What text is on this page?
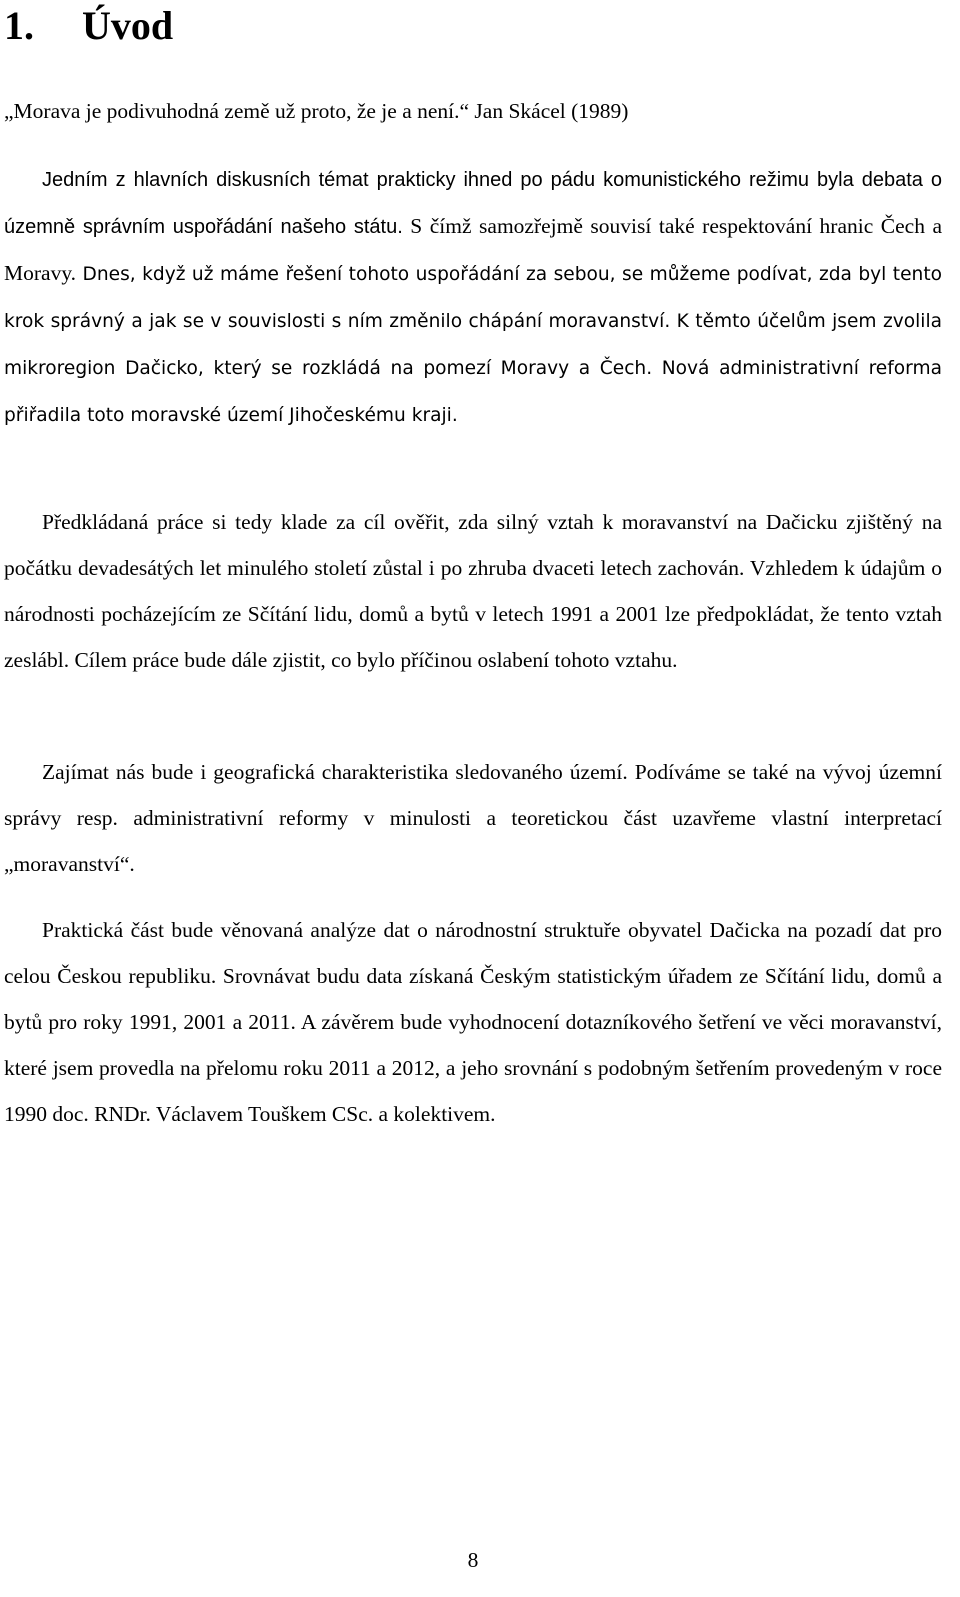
1. Úvod

„Morava je podivuhodná země už proto, že je a není.“ Jan Skácel (1989)

Jedním z hlavních diskusních témat prakticky ihned po pádu komunistického režimu byla debata o územně správním uspořádání našeho státu. S čímž samozřejmě souvisí také respektování hranic Čech a Moravy. Dnes, když už máme řešení tohoto uspořádání za sebou, se můžeme podívat, zda byl tento krok správný a jak se v souvislosti s ním změnilo chápání moravanství. K těmto účelům jsem zvolila mikroregion Dačicko, který se rozkládá na pomezí Moravy a Čech. Nová administrativní reforma přiřadila toto moravské území Jihočeskému kraji.

Předkládaná práce si tedy klade za cíl ověřit, zda silný vztah k moravanství na Dačicku zjištěný na počátku devadesátých let minulého století zůstal i po zhruba dvaceti letech zachován. Vzhledem k údajům o národnosti pocházejícím ze Sčítání lidu, domů a bytů v letech 1991 a 2001 lze předpokládat, že tento vztah zeslábl. Cílem práce bude dále zjistit, co bylo příčinou oslabení tohoto vztahu.

Zajímat nás bude i geografická charakteristika sledovaného území. Podíváme se také na vývoj územní správy resp. administrativní reformy v minulosti a teoretickou část uzavřeme vlastní interpretací „moravanství“.

Praktická část bude věnovaná analýze dat o národnostní struktuře obyvatel Dačicka na pozadí dat pro celou Českou republiku. Srovnávat budu data získaná Českým statistickým úřadem ze Sčítání lidu, domů a bytů pro roky 1991, 2001 a 2011. A závěrem bude vyhodnocení dotazníkového šetření ve věci moravanství, které jsem provedla na přelomu roku 2011 a 2012, a jeho srovnání s podobným šetřením provedeným v roce 1990 doc. RNDr. Václavem Touškem CSc. a kolektivem.

8
